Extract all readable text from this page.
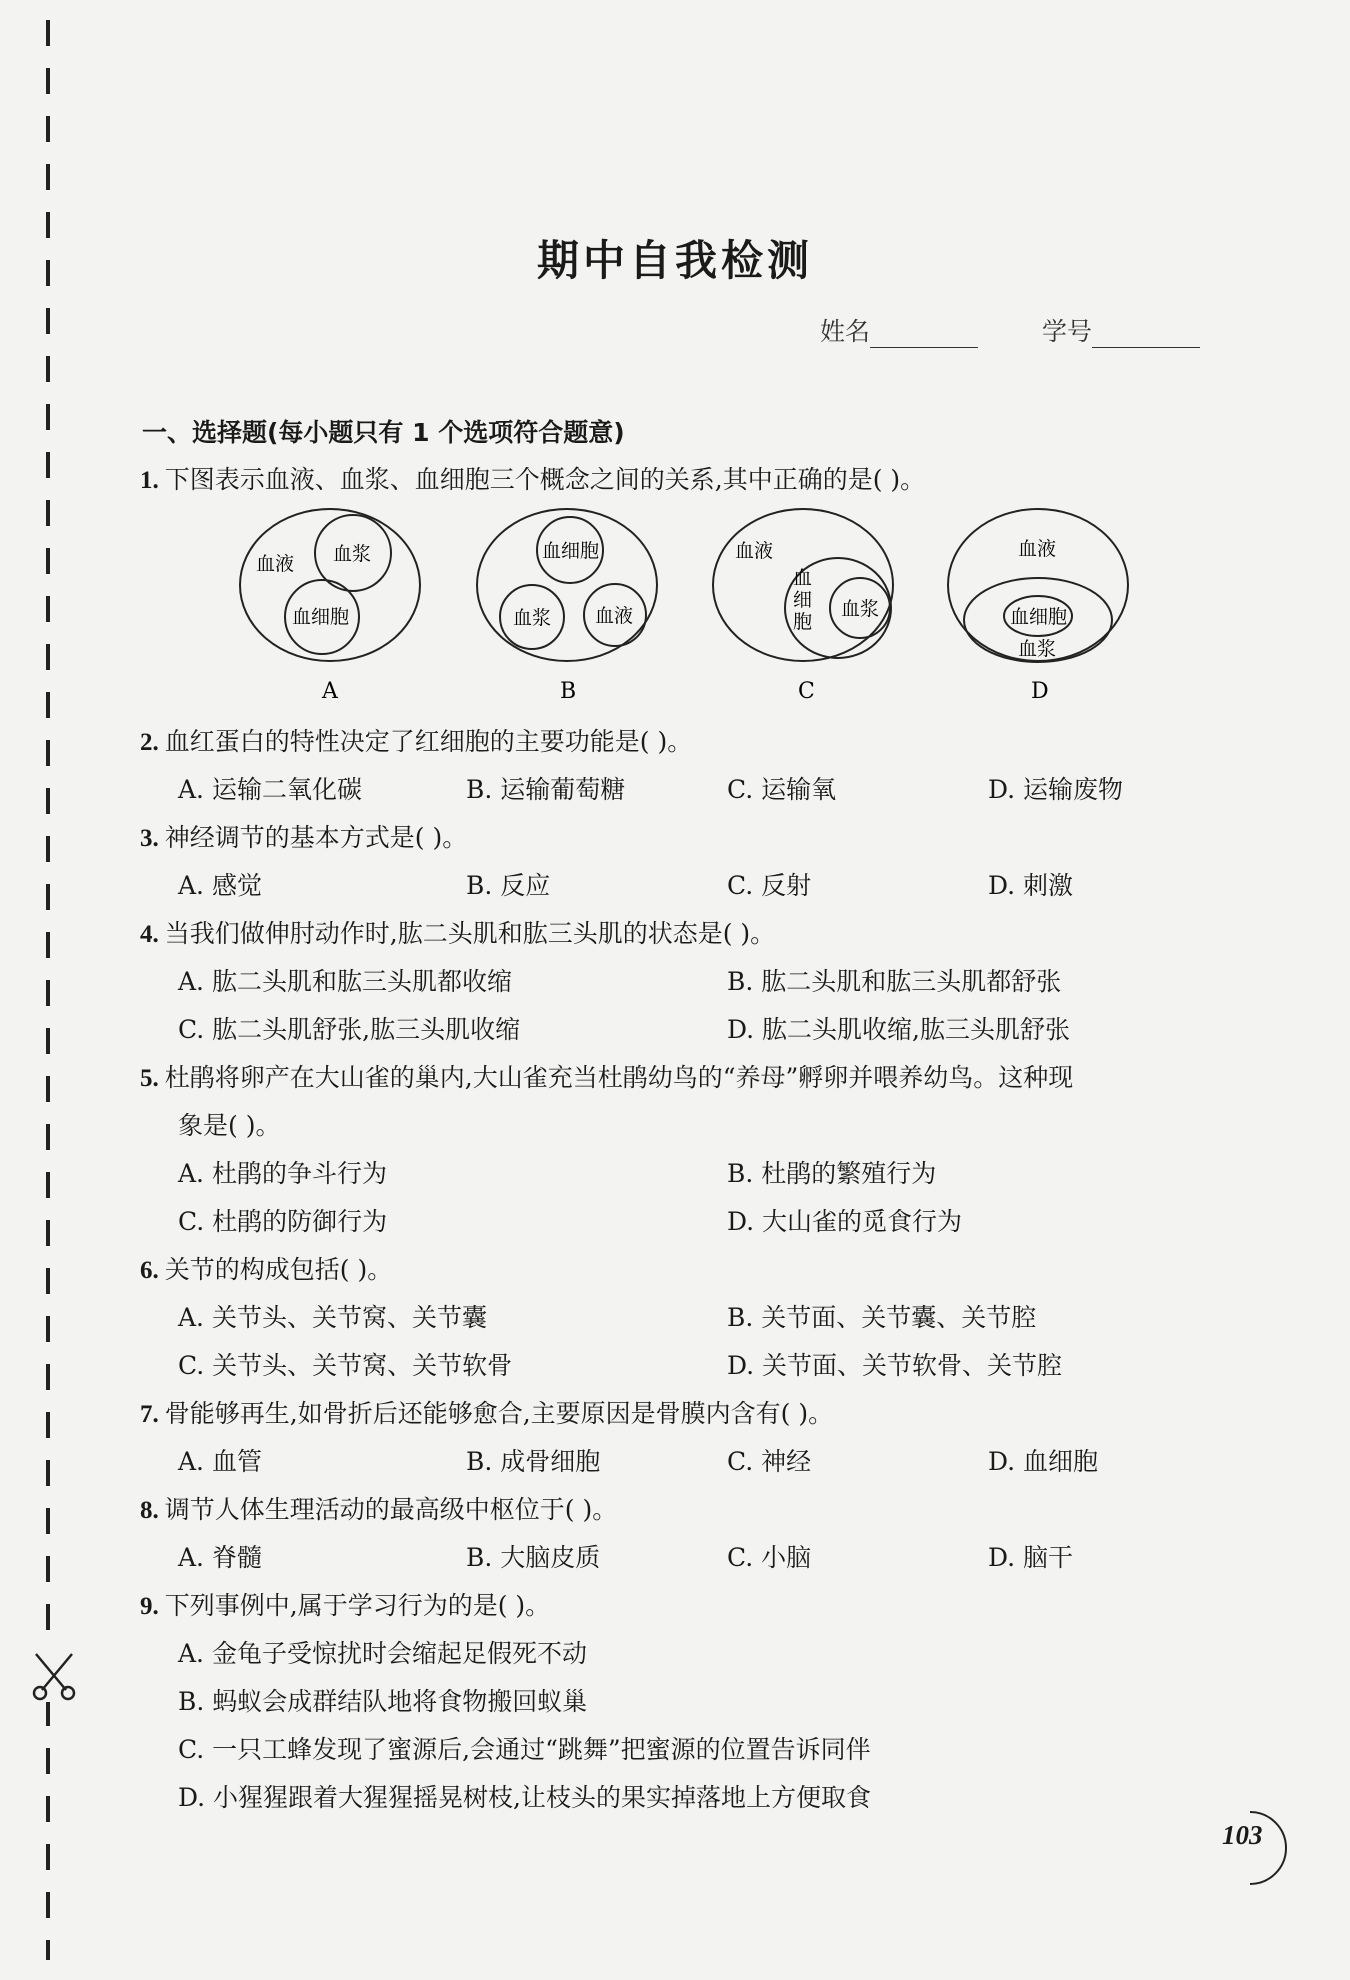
期中自我检测
姓名	学号
一、选择题(每小题只有 1 个选项符合题意)
1. 下图表示血液、血浆、血细胞三个概念之间的关系,其中正确的是( )。
血液 血浆
血细胞
A
血细胞
血浆 血液
B
血液
血
细
胞
血浆
C
血液
血细胞
血浆
D
2. 血红蛋白的特性决定了红细胞的主要功能是( )。
A. 运输二氧化碳	B. 运输葡萄糖	C. 运输氧	D. 运输废物
3. 神经调节的基本方式是( )。
A. 感觉	B. 反应	C. 反射	D. 刺激
4. 当我们做伸肘动作时,肱二头肌和肱三头肌的状态是( )。
A. 肱二头肌和肱三头肌都收缩	B. 肱二头肌和肱三头肌都舒张
C. 肱二头肌舒张,肱三头肌收缩	D. 肱二头肌收缩,肱三头肌舒张
5. 杜鹃将卵产在大山雀的巢内,大山雀充当杜鹃幼鸟的“养母”孵卵并喂养幼鸟。这种现
象是( )。
A. 杜鹃的争斗行为	B. 杜鹃的繁殖行为
C. 杜鹃的防御行为	D. 大山雀的觅食行为
6. 关节的构成包括( )。
A. 关节头、关节窝、关节囊	B. 关节面、关节囊、关节腔
C. 关节头、关节窝、关节软骨	D. 关节面、关节软骨、关节腔
7. 骨能够再生,如骨折后还能够愈合,主要原因是骨膜内含有( )。
A. 血管	B. 成骨细胞	C. 神经	D. 血细胞
8. 调节人体生理活动的最高级中枢位于( )。
A. 脊髓	B. 大脑皮质	C. 小脑	D. 脑干
9. 下列事例中,属于学习行为的是( )。
A. 金龟子受惊扰时会缩起足假死不动
B. 蚂蚁会成群结队地将食物搬回蚁巢
C. 一只工蜂发现了蜜源后,会通过“跳舞”把蜜源的位置告诉同伴
D. 小猩猩跟着大猩猩摇晃树枝,让枝头的果实掉落地上方便取食
103
